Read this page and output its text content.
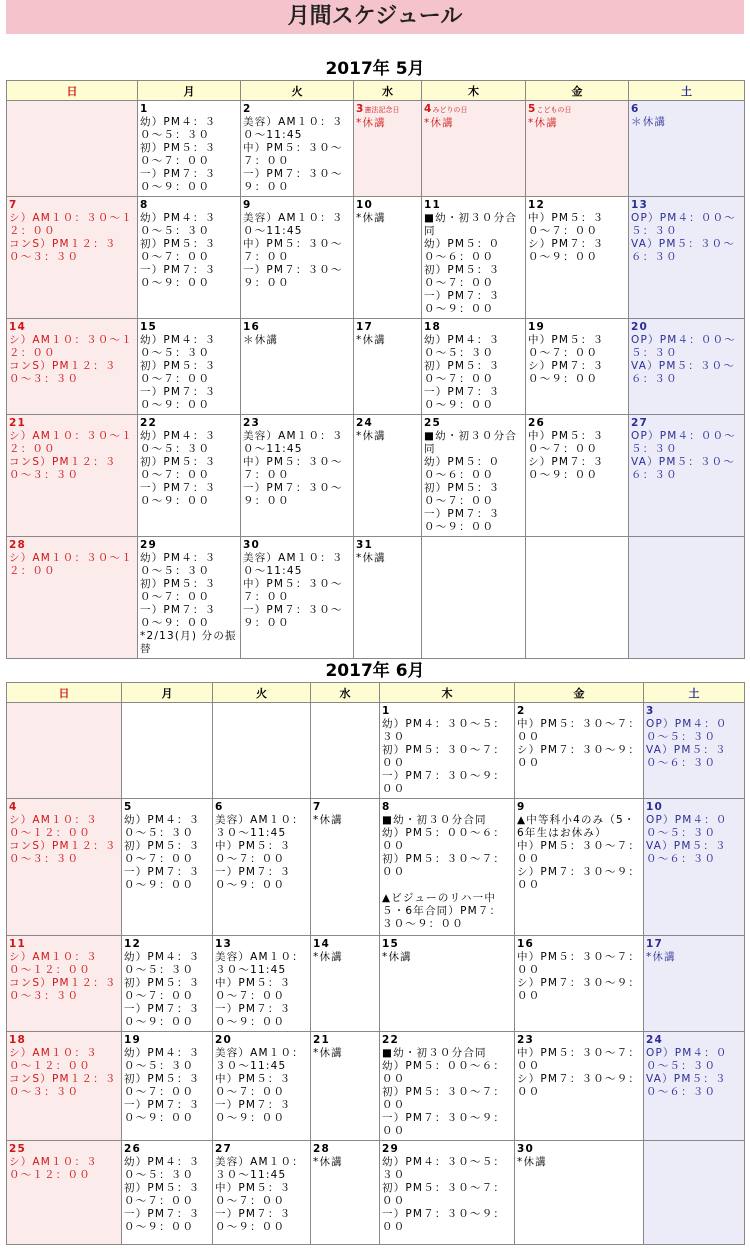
月間スケジュール
2017年 5月
日	月	火	水	木	金	土

	1
幼）PM４：３０〜５：３０
初）PM５：３０〜７：００
一）PM７：３０〜９：００	2
美容）AM１０：３０〜11:45
中）PM５：３０〜７：００
一）PM７：３０〜９：００	3憲法記念日
*休講	4みどりの日
*休講	5こどもの日
*休講	6
＊休講

7
シ）AM１０：３０〜１２：００
コンS）PM１２：３０〜３：３０	8
幼）PM４：３０〜５：３０
初）PM５：３０〜７：００
一）PM７：３０〜９：００	9
美容）AM１０：３０〜11:45
中）PM５：３０〜７：００
一）PM７：３０〜９：００	10
*休講	11
■幼・初３０分合同
幼）PM５：００〜６：００
初）PM５：３０〜７：００
一）PM７：３０〜９：００	12
中）PM５：３０〜７：００
シ）PM７：３０〜９：００	13
OP）PM４：００〜５：３０
VA）PM５：３０〜６：３０

14
シ）AM１０：３０〜１２：００
コンS）PM１２：３０〜３：３０	15
幼）PM４：３０〜５：３０
初）PM５：３０〜７：００
一）PM７：３０〜９：００	16
＊休講	17
*休講	18
幼）PM４：３０〜５：３０
初）PM５：３０〜７：００
一）PM７：３０〜９：００	19
中）PM５：３０〜７：００
シ）PM７：３０〜９：００	20
OP）PM４：００〜５：３０
VA）PM５：３０〜６：３０

21
シ）AM１０：３０〜１２：００
コンS）PM１２：３０〜３：３０	22
幼）PM４：３０〜５：３０
初）PM５：３０〜７：００
一）PM７：３０〜９：００	23
美容）AM１０：３０〜11:45
中）PM５：３０〜７：００
一）PM７：３０〜９：００	24
*休講	25
■幼・初３０分合同
幼）PM５：００〜６：００
初）PM５：３０〜７：００
一）PM７：３０〜９：００	26
中）PM５：３０〜７：００
シ）PM７：３０〜９：００	27
OP）PM４：００〜５：３０
VA）PM５：３０〜６：３０

28
シ）AM１０：３０〜１２：００	29
幼）PM４：３０〜５：３０
初）PM５：３０〜７：００
一）PM７：３０〜９：００
*2/13(月) 分の振替	30
美容）AM１０：３０〜11:45
中）PM５：３０〜７：００
一）PM７：３０〜９：００	31
*休講			

2017年 6月
日	月	火	水	木	金	土

				1
幼）PM４：３０〜５：３０
初）PM５：３０〜７：００
一）PM７：３０〜９：００	2
中）PM５：３０〜７：００
シ）PM７：３０〜９：００	3
OP）PM４：００〜５：３０
VA）PM５：３０〜６：３０

4
シ）AM１０：３０〜１２：００
コンS）PM１２：３０〜３：３０	5
幼）PM４：３０〜５：３０
初）PM５：３０〜７：００
一）PM７：３０〜９：００	6
美容）AM１０：３０〜11:45
中）PM５：３０〜７：００
一）PM７：３０〜９：００	7
*休講	8
■幼・初３０分合同
幼）PM５：００〜６：００
初）PM５：３０〜７：００

▲ビジューのリハ一中５・6年合同）PM７：３０〜９：００	9
▲中等科小4のみ（5・6年生はお休み）
中）PM５：３０〜７：００
シ）PM７：３０〜９：００	10
OP）PM４：００〜５：３０
VA）PM５：３０〜６：３０

11
シ）AM１０：３０〜１２：００
コンS）PM１２：３０〜３：３０	12
幼）PM４：３０〜５：３０
初）PM５：３０〜７：００
一）PM７：３０〜９：００	13
美容）AM１０：３０〜11:45
中）PM５：３０〜７：００
一）PM７：３０〜９：００	14
*休講	15
*休講	16
中）PM５：３０〜７：００
シ）PM７：３０〜９：００	17
*休講

18
シ）AM１０：３０〜１２：００
コンS）PM１２：３０〜３：３０	19
幼）PM４：３０〜５：３０
初）PM５：３０〜７：００
一）PM７：３０〜９：００	20
美容）AM１０：３０〜11:45
中）PM５：３０〜７：００
一）PM７：３０〜９：００	21
*休講	22
■幼・初３０分合同
幼）PM５：００〜６：００
初）PM５：３０〜７：００
一）PM７：３０〜９：００	23
中）PM５：３０〜７：００
シ）PM７：３０〜９：００	24
OP）PM４：００〜５：３０
VA）PM５：３０〜６：３０

25
シ）AM１０：３０〜１２：００	26
幼）PM４：３０〜５：３０
初）PM５：３０〜７：００
一）PM７：３０〜９：００	27
美容）AM１０：３０〜11:45
中）PM５：３０〜７：００
一）PM７：３０〜９：００	28
*休講	29
幼）PM４：３０〜５：３０
初）PM５：３０〜７：００
一）PM７：３０〜９：００	30
*休講	
